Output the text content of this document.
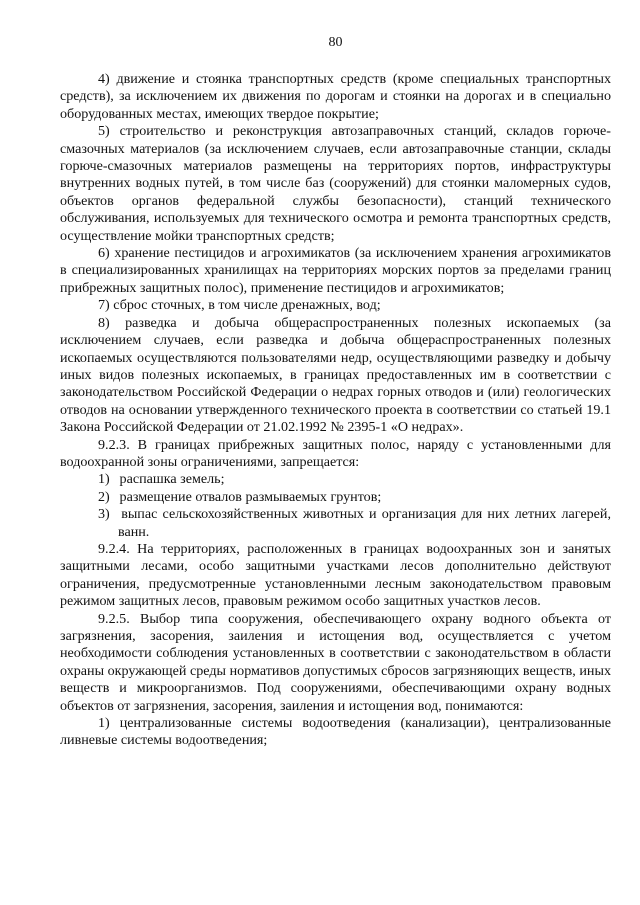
80

4) движение и стоянка транспортных средств (кроме специальных транспортных средств), за исключением их движения по дорогам и стоянки на дорогах и в специально оборудованных местах, имеющих твердое покрытие;

5) строительство и реконструкция автозаправочных станций, складов горюче-смазочных материалов (за исключением случаев, если автозаправочные станции, склады горюче-смазочных материалов размещены на территориях портов, инфраструктуры внутренних водных путей, в том числе баз (сооружений) для стоянки маломерных судов, объектов органов федеральной службы безопасности), станций технического обслуживания, используемых для технического осмотра и ремонта транспортных средств, осуществление мойки транспортных средств;

6) хранение пестицидов и агрохимикатов (за исключением хранения агрохимикатов в специализированных хранилищах на территориях морских портов за пределами границ прибрежных защитных полос), применение пестицидов и агрохимикатов;

7) сброс сточных, в том числе дренажных, вод;

8) разведка и добыча общераспространенных полезных ископаемых (за исключением случаев, если разведка и добыча общераспространенных полезных ископаемых осуществляются пользователями недр, осуществляющими разведку и добычу иных видов полезных ископаемых, в границах предоставленных им в соответствии с законодательством Российской Федерации о недрах горных отводов и (или) геологических отводов на основании утвержденного технического проекта в соответствии со статьей 19.1 Закона Российской Федерации от 21.02.1992 № 2395-1 «О недрах».

9.2.3. В границах прибрежных защитных полос, наряду с установленными для водоохранной зоны ограничениями, запрещается:

1) распашка земель;

2) размещение отвалов размываемых грунтов;

3) выпас сельскохозяйственных животных и организация для них летних лагерей, ванн.

9.2.4. На территориях, расположенных в границах водоохранных зон и занятых защитными лесами, особо защитными участками лесов дополнительно действуют ограничения, предусмотренные установленными лесным законодательством правовым режимом защитных лесов, правовым режимом особо защитных участков лесов.

9.2.5. Выбор типа сооружения, обеспечивающего охрану водного объекта от загрязнения, засорения, заиления и истощения вод, осуществляется с учетом необходимости соблюдения установленных в соответствии с законодательством в области охраны окружающей среды нормативов допустимых сбросов загрязняющих веществ, иных веществ и микроорганизмов. Под сооружениями, обеспечивающими охрану водных объектов от загрязнения, засорения, заиления и истощения вод, понимаются:

1) централизованные системы водоотведения (канализации), централизованные ливневые системы водоотведения;
